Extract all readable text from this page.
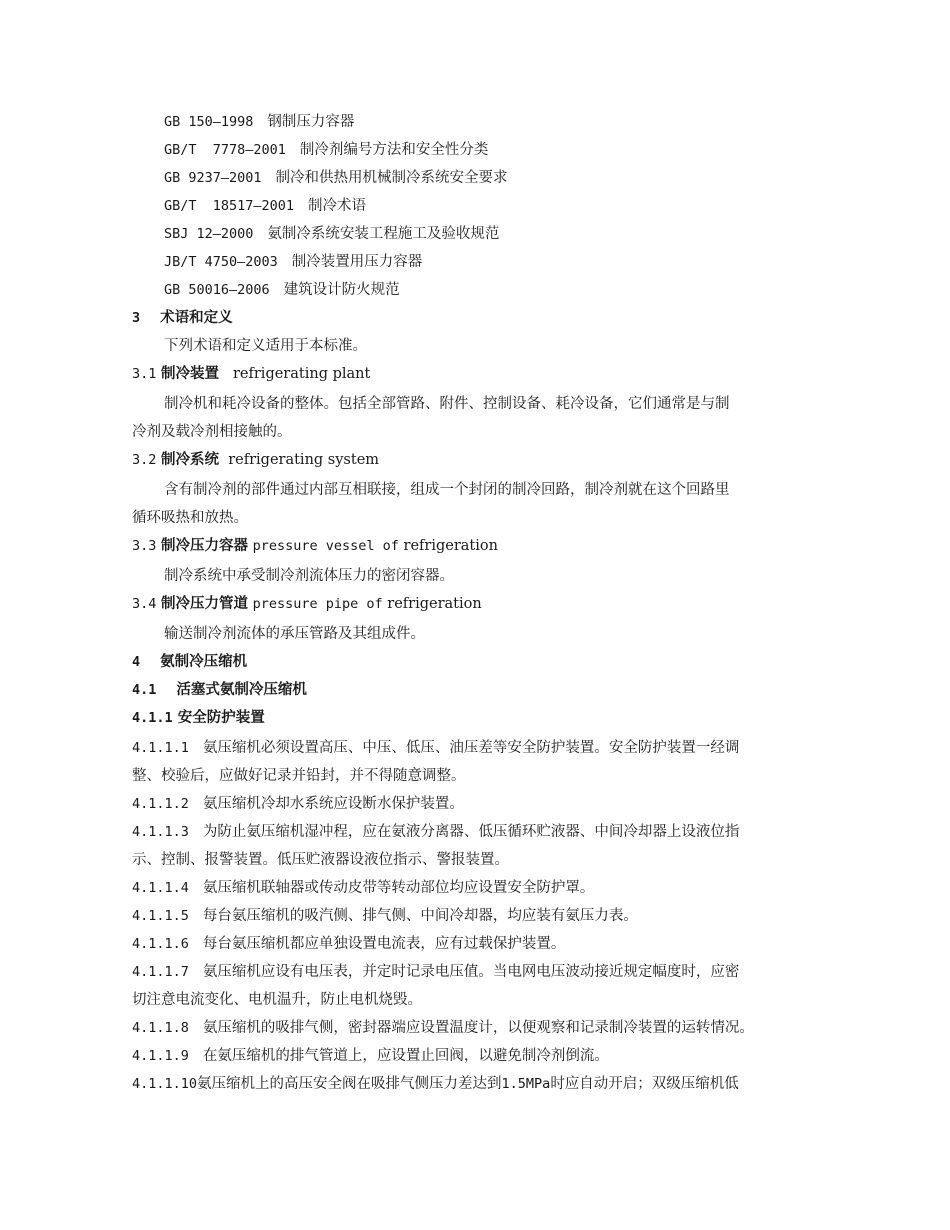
GB 150—1998 钢制压力容器
GB/T  7778—2001 制冷剂编号方法和安全性分类
GB 9237—2001 制冷和供热用机械制冷系统安全要求
GB/T  18517—2001 制冷术语
SBJ 12—2000 氨制冷系统安装工程施工及验收规范
JB/T 4750—2003 制冷装置用压力容器
GB 50016—2006 建筑设计防火规范
3 术语和定义
下列术语和定义适用于本标准。
3.1 制冷装置 refrigerating plant
制冷机和耗冷设备的整体。包括全部管路、附件、控制设备、耗冷设备，它们通常是与制
冷剂及载冷剂相接触的。
3.2 制冷系统 refrigerating system
含有制冷剂的部件通过内部互相联接，组成一个封闭的制冷回路，制冷剂就在这个回路里
循环吸热和放热。
3.3 制冷压力容器 pressure vessel of refrigeration
制冷系统中承受制冷剂流体压力的密闭容器。
3.4 制冷压力管道 pressure pipe of refrigeration
输送制冷剂流体的承压管路及其组成件。
4 氨制冷压缩机
4.1 活塞式氨制冷压缩机
4.1.1 安全防护装置
4.1.1.1 氨压缩机必须设置高压、中压、低压、油压差等安全防护装置。安全防护装置一经调
整、校验后，应做好记录并铅封，并不得随意调整。
4.1.1.2 氨压缩机冷却水系统应设断水保护装置。
4.1.1.3 为防止氨压缩机湿冲程，应在氨液分离器、低压循环贮液器、中间冷却器上设液位指
示、控制、报警装置。低压贮液器设液位指示、警报装置。
4.1.1.4 氨压缩机联轴器或传动皮带等转动部位均应设置安全防护罩。
4.1.1.5 每台氨压缩机的吸汽侧、排气侧、中间冷却器，均应装有氨压力表。
4.1.1.6 每台氨压缩机都应单独设置电流表，应有过载保护装置。
4.1.1.7 氨压缩机应设有电压表，并定时记录电压值。当电网电压波动接近规定幅度时，应密
切注意电流变化、电机温升，防止电机烧毁。
4.1.1.8 氨压缩机的吸排气侧，密封器端应设置温度计，以便观察和记录制冷装置的运转情况。
4.1.1.9 在氨压缩机的排气管道上，应设置止回阀，以避免制冷剂倒流。
4.1.1.10氨压缩机上的高压安全阀在吸排气侧压力差达到1.5MPa时应自动开启；双级压缩机低
